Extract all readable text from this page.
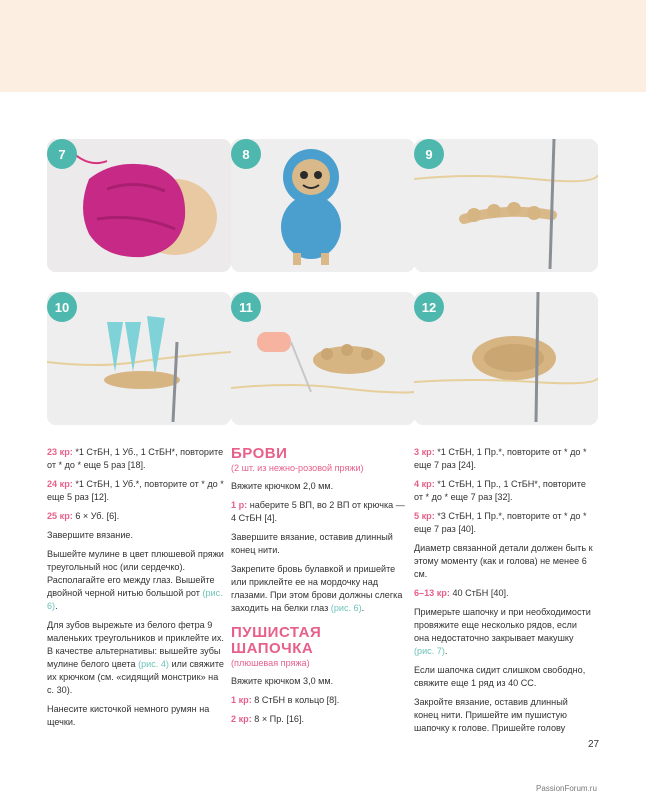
7	8	9
10	11	12

23 кр: *1 СтБН, 1 Уб., 1 СтБН*, повторите от * до * еще 5 раз [18].

24 кр: *1 СтБН, 1 Уб.*, повторите от * до * еще 5 раз [12].

25 кр: 6 × Уб. [6].

Завершите вязание.

Вышейте мулине в цвет плюшевой пряжи треугольный нос (или сердечко). Располагайте его между глаз. Вышейте двойной черной нитью большой рот (рис. 6).

Для зубов вырежьте из белого фетра 9 маленьких треугольников и приклейте их. В качестве альтернативы: вышейте зубы мулине белого цвета (рис. 4) или свяжите их крючком (см. «сидящий монстрик» на с. 30).

Нанесите кисточкой немного румян на щечки.

БРОВИ
(2 шт. из нежно-розовой пряжи)

Вяжите крючком 2,0 мм.

1 р: наберите 5 ВП, во 2 ВП от крючка — 4 СтБН [4].

Завершите вязание, оставив длинный конец нити.

Закрепите бровь булавкой и пришейте или приклейте ее на мордочку над глазами. При этом брови должны слегка заходить на белки глаз (рис. 6).

ПУШИСТАЯ ШАПОЧКА
(плюшевая пряжа)

Вяжите крючком 3,0 мм.

1 кр: 8 СтБН в кольцо [8].

2 кр: 8 × Пр. [16].

3 кр: *1 СтБН, 1 Пр.*, повторите от * до * еще 7 раз [24].

4 кр: *1 СтБН, 1 Пр., 1 СтБН*, повторите от * до * еще 7 раз [32].

5 кр: *3 СтБН, 1 Пр.*, повторите от * до * еще 7 раз [40].

Диаметр связанной детали должен быть к этому моменту (как и голова) не менее 6 см.

6–13 кр: 40 СтБН [40].

Примерьте шапочку и при необходимости провяжите еще несколько рядов, если она недостаточно закрывает макушку (рис. 7).

Если шапочка сидит слишком свободно, свяжите еще 1 ряд из 40 СС.

Закройте вязание, оставив длинный конец нити. Пришейте им пушистую шапочку к голове. Пришейте голову

27
PassionForum.ru
